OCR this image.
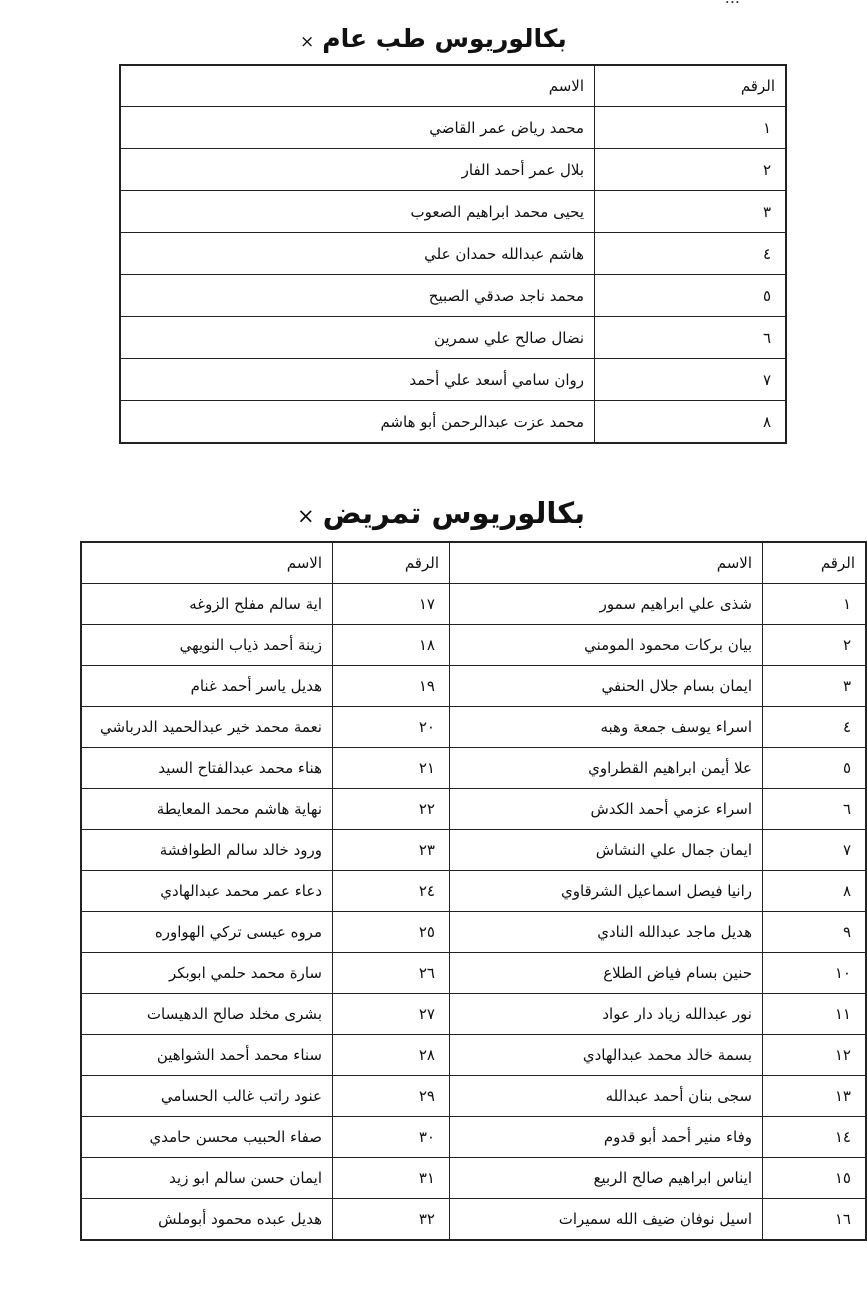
بكالوريوس طب عام×
الرقم	الاسم
١	محمد رياض عمر القاضي
٢	بلال عمر أحمد الفار
٣	يحيى محمد ابراهيم الصعوب
٤	هاشم عبدالله حمدان علي
٥	محمد ناجد صدقي الصبيح
٦	نضال صالح علي سمرين
٧	روان سامي أسعد علي أحمد
٨	محمد عزت عبدالرحمن أبو هاشم
بكالوريوس تمريض×
الرقم	الاسم	الرقم	الاسم
١	شذى علي ابراهيم سمور	١٧	اية سالم مفلح الزوغه
٢	بيان بركات محمود المومني	١٨	زينة أحمد ذياب النويهي
٣	ايمان بسام جلال الحنفي	١٩	هديل ياسر أحمد غنام
٤	اسراء يوسف جمعة وهبه	٢٠	نعمة محمد خير عبدالحميد الدرباشي
٥	علا أيمن ابراهيم القطراوي	٢١	هناء محمد عبدالفتاح السيد
٦	اسراء عزمي أحمد الكدش	٢٢	نهاية هاشم محمد المعايطة
٧	ايمان جمال علي النشاش	٢٣	ورود خالد سالم الطوافشة
٨	رانيا فيصل اسماعيل الشرقاوي	٢٤	دعاء عمر محمد عبدالهادي
٩	هديل ماجد عبدالله النادي	٢٥	مروه عيسى تركي الهواوره
١٠	حنين بسام فياض الطلاع	٢٦	سارة محمد حلمي ابوبكر
١١	نور عبدالله زياد دار عواد	٢٧	بشرى مخلد صالح الدهيسات
١٢	بسمة خالد محمد عبدالهادي	٢٨	سناء محمد أحمد الشواهين
١٣	سجى بنان أحمد عبدالله	٢٩	عنود راتب غالب الحسامي
١٤	وفاء منير أحمد أبو قدوم	٣٠	صفاء الحبيب محسن حامدي
١٥	ايناس ابراهيم صالح الربيع	٣١	ايمان حسن سالم ابو زيد
١٦	اسيل نوفان ضيف الله سميرات	٣٢	هديل عبده محمود أبوملش
